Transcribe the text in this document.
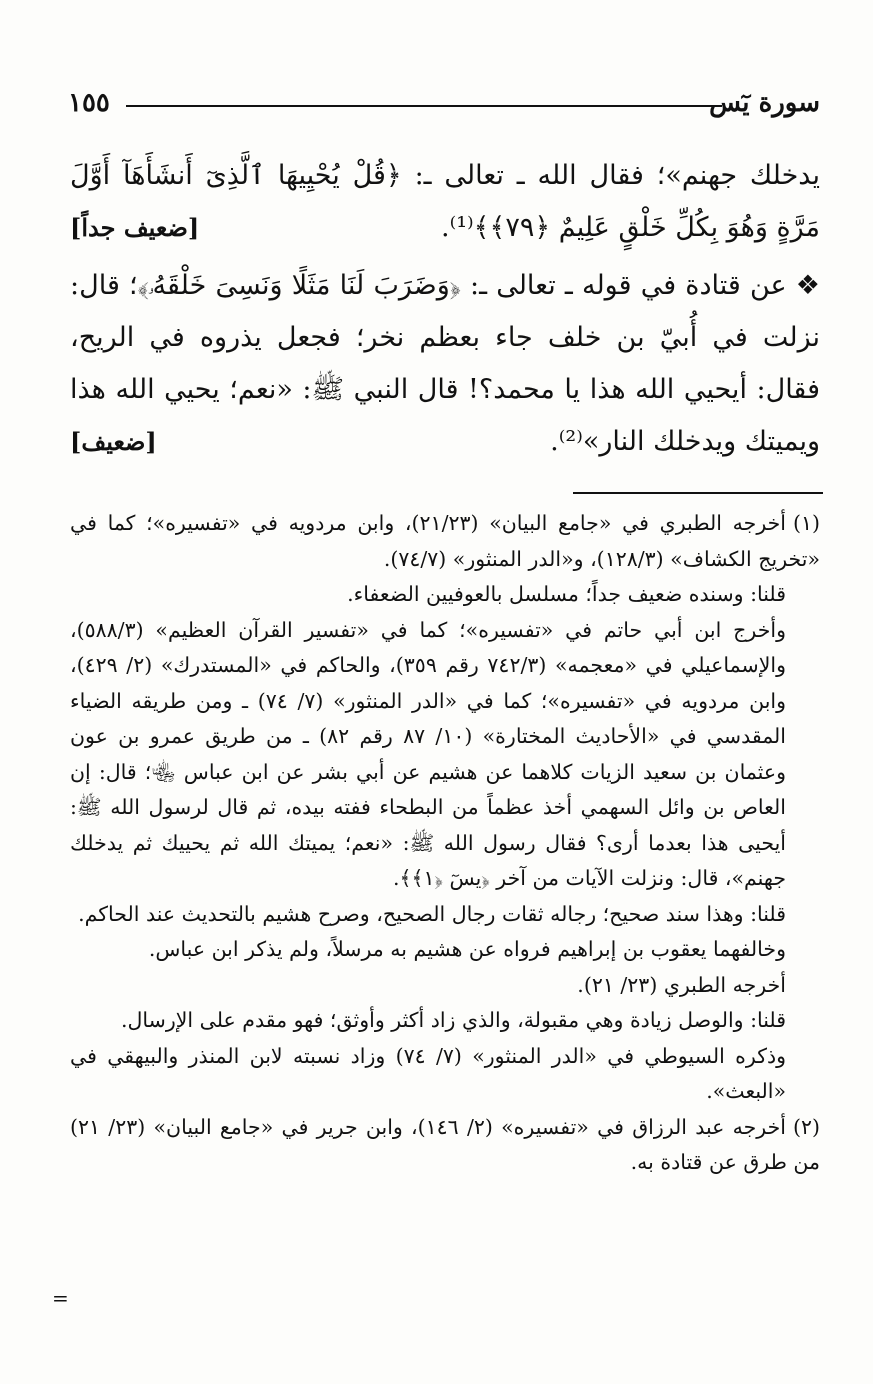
سورة يٓس
١٥٥

يدخلك جهنم»؛ فقال الله ـ تعالى ـ: ﴿قُلْ يُحْيِيهَا ٱلَّذِىٓ أَنشَأَهَآ أَوَّلَ مَرَّةٍ وَهُوَ بِكُلِّ خَلْقٍ عَلِيمٌ ﴿٧٩﴾﴾⁽¹⁾.
[ضعيف جداً]

❖ عن قتادة في قوله ـ تعالى ـ: ﴿وَضَرَبَ لَنَا مَثَلًا وَنَسِىَ خَلْقَهُۥ﴾؛ قال: نزلت في أُبيّ بن خلف جاء بعظم نخر؛ فجعل يذروه في الريح، فقال: أيحيي الله هذا يا محمد؟! قال النبي ﷺ: «نعم؛ يحيي الله هذا ويميتك ويدخلك النار»⁽²⁾.
[ضعيف]

(١)أخرجه الطبري في «جامع البيان» (٢١/٢٣)، وابن مردويه في «تفسيره»؛ كما في «تخريج الكشاف» (١٢٨/٣)، و«الدر المنثور» (٧٤/٧).

قلنا: وسنده ضعيف جداً؛ مسلسل بالعوفيين الضعفاء.

وأخرج ابن أبي حاتم في «تفسيره»؛ كما في «تفسير القرآن العظيم» (٥٨٨/٣)، والإسماعيلي في «معجمه» (٧٤٢/٣ رقم ٣٥٩)، والحاكم في «المستدرك» (٢/ ٤٢٩)، وابن مردويه في «تفسيره»؛ كما في «الدر المنثور» (٧/ ٧٤) ـ ومن طريقه الضياء المقدسي في «الأحاديث المختارة» (١٠/ ٨٧ رقم ٨٢) ـ من طريق عمرو بن عون وعثمان بن سعيد الزيات كلاهما عن هشيم عن أبي بشر عن ابن عباس ﵄؛ قال: إن العاص بن وائل السهمي أخذ عظماً من البطحاء ففته بيده، ثم قال لرسول الله ﷺ: أيحيى هذا بعدما أرى؟ فقال رسول الله ﷺ: «نعم؛ يميتك الله ثم يحييك ثم يدخلك جهنم»، قال: ونزلت الآيات من آخر ﴿يسٓ ﴿١﴾﴾.

قلنا: وهذا سند صحيح؛ رجاله ثقات رجال الصحيح، وصرح هشيم بالتحديث عند الحاكم.

وخالفهما يعقوب بن إبراهيم فرواه عن هشيم به مرسلاً، ولم يذكر ابن عباس.

أخرجه الطبري (٢٣/ ٢١).

قلنا: والوصل زيادة وهي مقبولة، والذي زاد أكثر وأوثق؛ فهو مقدم على الإرسال.

وذكره السيوطي في «الدر المنثور» (٧/ ٧٤) وزاد نسبته لابن المنذر والبيهقي في «البعث».

(٢)أخرجه عبد الرزاق في «تفسيره» (٢/ ١٤٦)، وابن جرير في «جامع البيان» (٢٣/ ٢١) من طرق عن قتادة به.

=
